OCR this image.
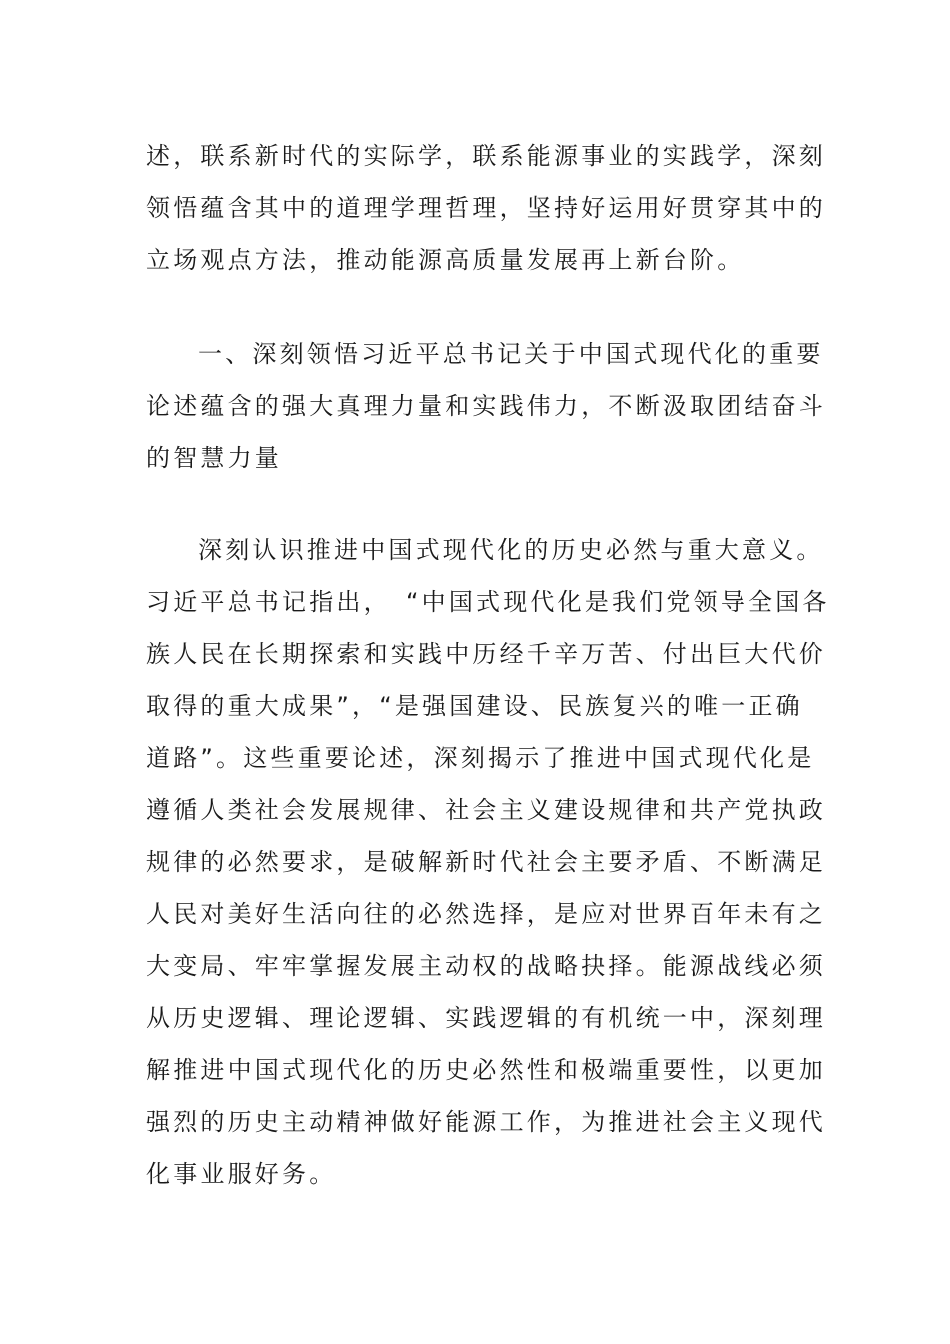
述，联系新时代的实际学，联系能源事业的实践学，深刻
领悟蕴含其中的道理学理哲理，坚持好运用好贯穿其中的
立场观点方法，推动能源高质量发展再上新台阶。
一、深刻领悟习近平总书记关于中国式现代化的重要
论述蕴含的强大真理力量和实践伟力，不断汲取团结奋斗
的智慧力量
深刻认识推进中国式现代化的历史必然与重大意义。
习近平总书记指出，　“中国式现代化是我们党领导全国各
族人民在长期探索和实践中历经千辛万苦、付出巨大代价
取得的重大成果”，“是强国建设、民族复兴的唯一正确
道路”。这些重要论述，深刻揭示了推进中国式现代化是
遵循人类社会发展规律、社会主义建设规律和共产党执政
规律的必然要求，是破解新时代社会主要矛盾、不断满足
人民对美好生活向往的必然选择，是应对世界百年未有之
大变局、牢牢掌握发展主动权的战略抉择。能源战线必须
从历史逻辑、理论逻辑、实践逻辑的有机统一中，深刻理
解推进中国式现代化的历史必然性和极端重要性，以更加
强烈的历史主动精神做好能源工作，为推进社会主义现代
化事业服好务。
